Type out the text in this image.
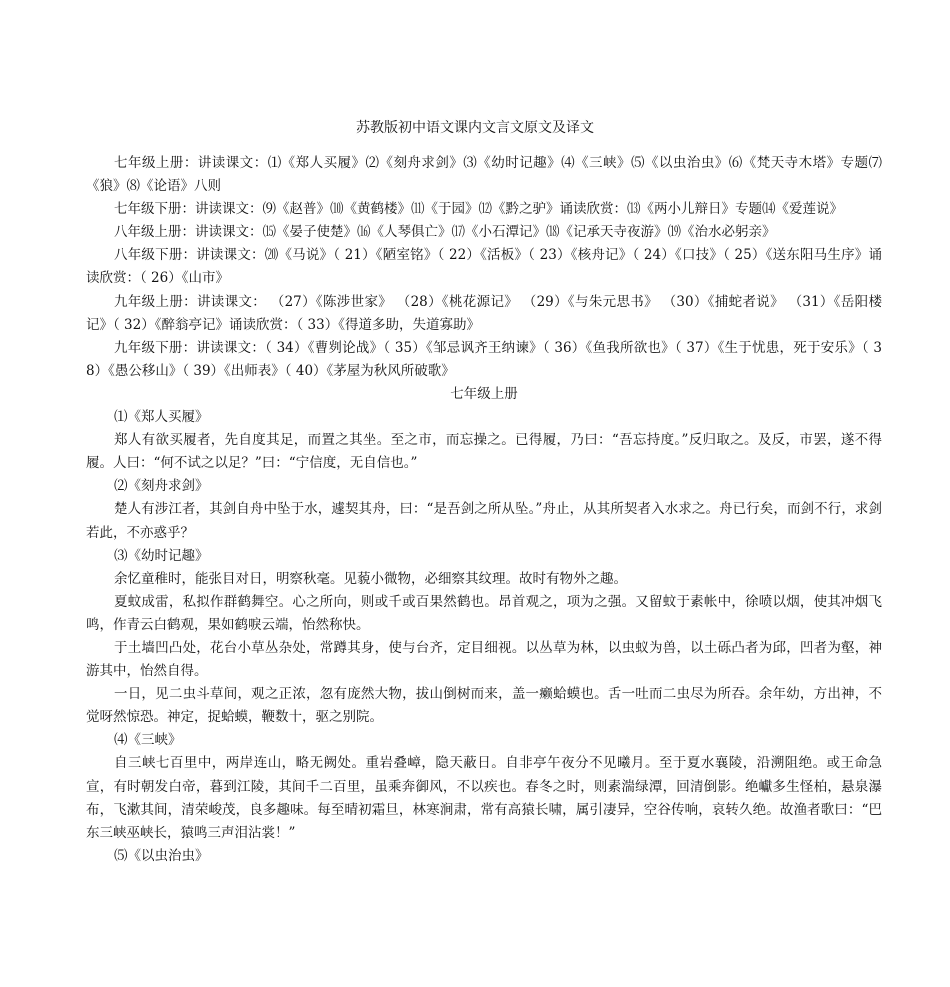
苏教版初中语文课内文言文原文及译文

七年级上册：讲读课文：⑴《郑人买履》⑵《刻舟求剑》⑶《幼时记趣》⑷《三峡》⑸《以虫治虫》⑹《梵天寺木塔》专题⑺《狼》⑻《论语》八则

七年级下册：讲读课文：⑼《赵普》⑽《黄鹤楼》⑾《于园》⑿《黔之驴》诵读欣赏：⒀《两小儿辩日》专题⒁《爱莲说》

八年级上册：讲读课文：⒂《晏子使楚》⒃《人琴俱亡》⒄《小石潭记》⒅《记承天寺夜游》⒆《治水必躬亲》

八年级下册：讲读课文：⒇《马说》（ 21）《陋室铭》（ 22）《活板》（ 23）《核舟记》（ 24）《口技》（ 25）《送东阳马生序》诵读欣赏：（ 26）《山市》

九年级上册：讲读课文： （27）《陈涉世家》 （28）《桃花源记》 （29）《与朱元思书》 （30）《捕蛇者说》 （31）《岳阳楼记》（ 32）《醉翁亭记》诵读欣赏：（ 33）《得道多助，失道寡助》

九年级下册：讲读课文：（ 34）《曹刿论战》（ 35）《邹忌讽齐王纳谏》（ 36）《鱼我所欲也》（ 37）《生于忧患，死于安乐》（ 38）《愚公移山》（ 39）《出师表》（ 40）《茅屋为秋风所破歌》

七年级上册

⑴《郑人买履》

郑人有欲买履者，先自度其足，而置之其坐。至之市，而忘操之。已得履，乃曰：“吾忘持度。”反归取之。及反，市罢，遂不得履。人曰：“何不试之以足？”曰：“宁信度，无自信也。”

⑵《刻舟求剑》

楚人有涉江者，其剑自舟中坠于水，遽契其舟，曰：“是吾剑之所从坠。”舟止，从其所契者入水求之。舟已行矣，而剑不行，求剑若此，不亦惑乎？

⑶《幼时记趣》

余忆童稚时，能张目对日，明察秋毫。见藐小微物，必细察其纹理。故时有物外之趣。

夏蚊成雷，私拟作群鹤舞空。心之所向，则或千或百果然鹤也。昂首观之，项为之强。又留蚊于素帐中，徐喷以烟，使其冲烟飞鸣，作青云白鹤观，果如鹤唳云端，怡然称快。

于土墙凹凸处，花台小草丛杂处，常蹲其身，使与台齐，定目细视。以丛草为林，以虫蚁为兽，以土砾凸者为邱，凹者为壑，神游其中，怡然自得。

一日，见二虫斗草间，观之正浓，忽有庞然大物，拔山倒树而来，盖一癞蛤蟆也。舌一吐而二虫尽为所吞。余年幼，方出神，不觉呀然惊恐。神定，捉蛤蟆，鞭数十，驱之别院。

⑷《三峡》

自三峡七百里中，两岸连山，略无阙处。重岩叠嶂，隐天蔽日。自非亭午夜分不见曦月。至于夏水襄陵，沿溯阻绝。或王命急宣，有时朝发白帝，暮到江陵，其间千二百里，虽乘奔御风，不以疾也。春冬之时，则素湍绿潭，回清倒影。绝巘多生怪柏，悬泉瀑布，飞漱其间，清荣峻茂，良多趣味。每至晴初霜旦，林寒涧肃，常有高猿长啸，属引凄异，空谷传响，哀转久绝。故渔者歌曰：“巴东三峡巫峡长，猿鸣三声泪沾裳！”

⑸《以虫治虫》
